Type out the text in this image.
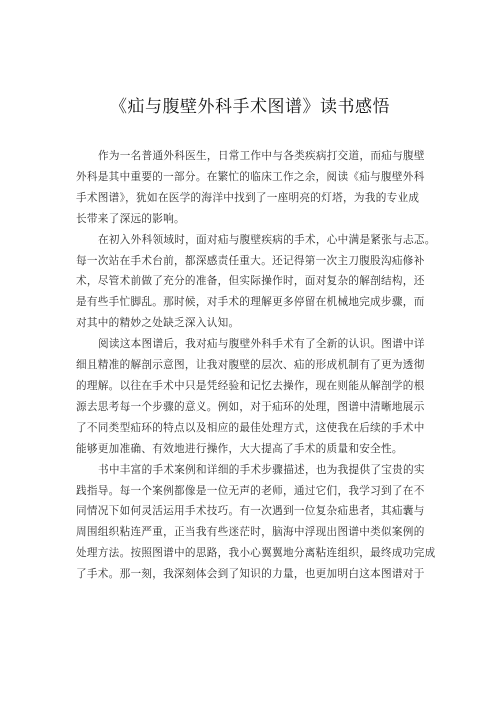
《疝与腹壁外科手术图谱》读书感悟

作为一名普通外科医生，日常工作中与各类疾病打交道，而疝与腹壁
外科是其中重要的一部分。在繁忙的临床工作之余，阅读《疝与腹壁外科
手术图谱》，犹如在医学的海洋中找到了一座明亮的灯塔，为我的专业成
长带来了深远的影响。

在初入外科领域时，面对疝与腹壁疾病的手术，心中满是紧张与忐忑。
每一次站在手术台前，都深感责任重大。还记得第一次主刀腹股沟疝修补
术，尽管术前做了充分的准备，但实际操作时，面对复杂的解剖结构，还
是有些手忙脚乱。那时候，对手术的理解更多停留在机械地完成步骤，而
对其中的精妙之处缺乏深入认知。

阅读这本图谱后，我对疝与腹壁外科手术有了全新的认识。图谱中详
细且精准的解剖示意图，让我对腹壁的层次、疝的形成机制有了更为透彻
的理解。以往在手术中只是凭经验和记忆去操作，现在则能从解剖学的根
源去思考每一个步骤的意义。例如，对于疝环的处理，图谱中清晰地展示
了不同类型疝环的特点以及相应的最佳处理方式，这使我在后续的手术中
能够更加准确、有效地进行操作，大大提高了手术的质量和安全性。

书中丰富的手术案例和详细的手术步骤描述，也为我提供了宝贵的实
践指导。每一个案例都像是一位无声的老师，通过它们，我学习到了在不
同情况下如何灵活运用手术技巧。有一次遇到一位复杂疝患者，其疝囊与
周围组织粘连严重，正当我有些迷茫时，脑海中浮现出图谱中类似案例的
处理方法。按照图谱中的思路，我小心翼翼地分离粘连组织，最终成功完成
了手术。那一刻，我深刻体会到了知识的力量，也更加明白这本图谱对于
